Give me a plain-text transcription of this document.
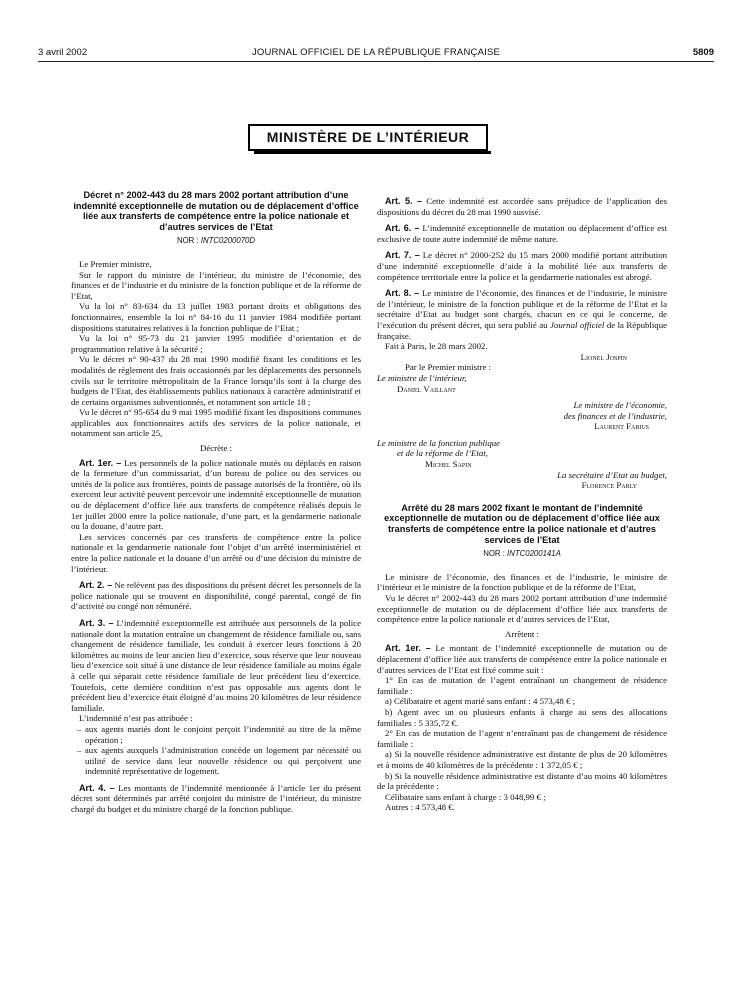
3 avril 2002	JOURNAL OFFICIEL DE LA RÉPUBLIQUE FRANÇAISE	5809
MINISTÈRE DE L’INTÉRIEUR
Décret n° 2002-443 du 28 mars 2002 portant attribution d’une indemnité exceptionnelle de mutation ou de déplacement d’office liée aux transferts de compétence entre la police nationale et d’autres services de l’Etat
NOR : INTC0200070D

Le Premier ministre,

Sur le rapport du ministre de l’intérieur, du ministre de l’économie, des finances et de l’industrie et du ministre de la fonction publique et de la réforme de l’Etat,

Vu la loi n° 83-634 du 13 juillet 1983 portant droits et obligations des fonctionnaires, ensemble la loi n° 84-16 du 11 janvier 1984 modifiée portant dispositions statutaires relatives à la fonction publique de l’Etat ;

Vu la loi n° 95-73 du 21 janvier 1995 modifiée d’orientation et de programmation relative à la sécurité ;

Vu le décret n° 90-437 du 28 mai 1990 modifié fixant les conditions et les modalités de règlement des frais occasionnés par les déplacements des personnels civils sur le territoire métropolitain de la France lorsqu’ils sont à la charge des budgets de l’Etat, des établissements publics nationaux à caractère administratif et de certains organismes subventionnés, et notamment son article 18 ;

Vu le décret n° 95-654 du 9 mai 1995 modifié fixant les dispositions communes applicables aux fonctionnaires actifs des services de la police nationale, et notamment son article 25,

Décrète :

Art. 1er. – Les personnels de la police nationale mutés ou déplacés en raison de la fermeture d’un commissariat, d’un bureau de police ou des services ou unités de la police aux frontières, points de passage autorisés de la frontière, où ils exercent leur activité peuvent percevoir une indemnité exceptionnelle de mutation ou de déplacement d’office liée aux transferts de compétence réalisés depuis le 1er juillet 2000 entre la police nationale, d’une part, et la gendarmerie nationale ou la douane, d’autre part.

Les services concernés par ces transferts de compétence entre la police nationale et la gendarmerie nationale font l’objet d’un arrêté interministériel et entre la police nationale et la douane d’un arrêté ou d’une décision du ministre de l’intérieur.

Art. 2. – Ne relèvent pas des dispositions du présent décret les personnels de la police nationale qui se trouvent en disponibilité, congé parental, congé de fin d’activité ou congé non rémunéré.

Art. 3. – L’indemnité exceptionnelle est attribuée aux personnels de la police nationale dont la mutation entraîne un changement de résidence familiale ou, sans changement de résidence familiale, les conduit à exercer leurs fonctions à 20 kilomètres au moins de leur ancien lieu d’exercice, sous réserve que leur nouveau lieu d’exercice soit situé à une distance de leur résidence familiale au moins égale à celle qui séparait cette résidence familiale de leur précédent lieu d’exercice. Toutefois, cette dernière condition n’est pas opposable aux agents dont le précédent lieu d’exercice était éloigné d’au moins 20 kilomètres de leur résidence familiale.

L’indemnité n’est pas attribuée :

– aux agents mariés dont le conjoint perçoit l’indemnité au titre de la même opération ;

– aux agents auxquels l’administration concède un logement par nécessité ou utilité de service dans leur nouvelle résidence ou qui perçoivent une indemnité représentative de logement.

Art. 4. – Les montants de l’indemnité mentionnée à l’article 1er du présent décret sont déterminés par arrêté conjoint du ministre de l’intérieur, du ministre chargé du budget et du ministre chargé de la fonction publique.

Art. 5. – Cette indemnité est accordée sans préjudice de l’application des dispositions du décret du 28 mai 1990 susvisé.

Art. 6. – L’indemnité exceptionnelle de mutation ou déplacement d’office est exclusive de toute autre indemnité de même nature.

Art. 7. – Le décret n° 2000-252 du 15 mars 2000 modifié portant attribution d’une indemnité exceptionnelle d’aide à la mobilité liée aux transferts de compétence territoriale entre la police et la gendarmerie nationales est abrogé.

Art. 8. – Le ministre de l’économie, des finances et de l’industrie, le ministre de l’intérieur, le ministre de la fonction publique et de la réforme de l’Etat et la secrétaire d’Etat au budget sont chargés, chacun en ce qui le concerne, de l’exécution du présent décret, qui sera publié au Journal officiel de la République française.

Fait à Paris, le 28 mars 2002.

Lionel Jospin

Par le Premier ministre :

Le ministre de l’intérieur,

Daniel Vaillant

Le ministre de l’économie,

des finances et de l’industrie,

Laurent Fabius

Le ministre de la fonction publique

et de la réforme de l’Etat,

Michel Sapin

La secrétaire d’Etat au budget,

Florence Parly

Arrêté du 28 mars 2002 fixant le montant de l’indemnité exceptionnelle de mutation ou de déplacement d’office liée aux transferts de compétence entre la police nationale et d’autres services de l’Etat
NOR : INTC0200141A

Le ministre de l’économie, des finances et de l’industrie, le ministre de l’intérieur et le ministre de la fonction publique et de la réforme de l’Etat,

Vu le décret n° 2002-443 du 28 mars 2002 portant attribution d’une indemnité exceptionnelle de mutation ou de déplacement d’office liée aux transferts de compétence entre la police nationale et d’autres services de l’Etat,

Arrêtent :

Art. 1er. – Le montant de l’indemnité exceptionnelle de mutation ou de déplacement d’office liée aux transferts de compétence entre la police nationale et d’autres services de l’Etat est fixé comme suit :

1° En cas de mutation de l’agent entraînant un changement de résidence familiale :

a) Célibataire et agent marié sans enfant : 4 573,48 € ;

b) Agent avec un ou plusieurs enfants à charge au sens des allocations familiales : 5 335,72 €.

2° En cas de mutation de l’agent n’entraînant pas de changement de résidence familiale :

a) Si la nouvelle résidence administrative est distante de plus de 20 kilomètres et à moins de 40 kilomètres de la précédente : 1 372,05 € ;

b) Si la nouvelle résidence administrative est distante d’au moins 40 kilomètres de la précédente :

Célibataire sans enfant à charge : 3 048,99 € ;

Autres : 4 573,48 €.
